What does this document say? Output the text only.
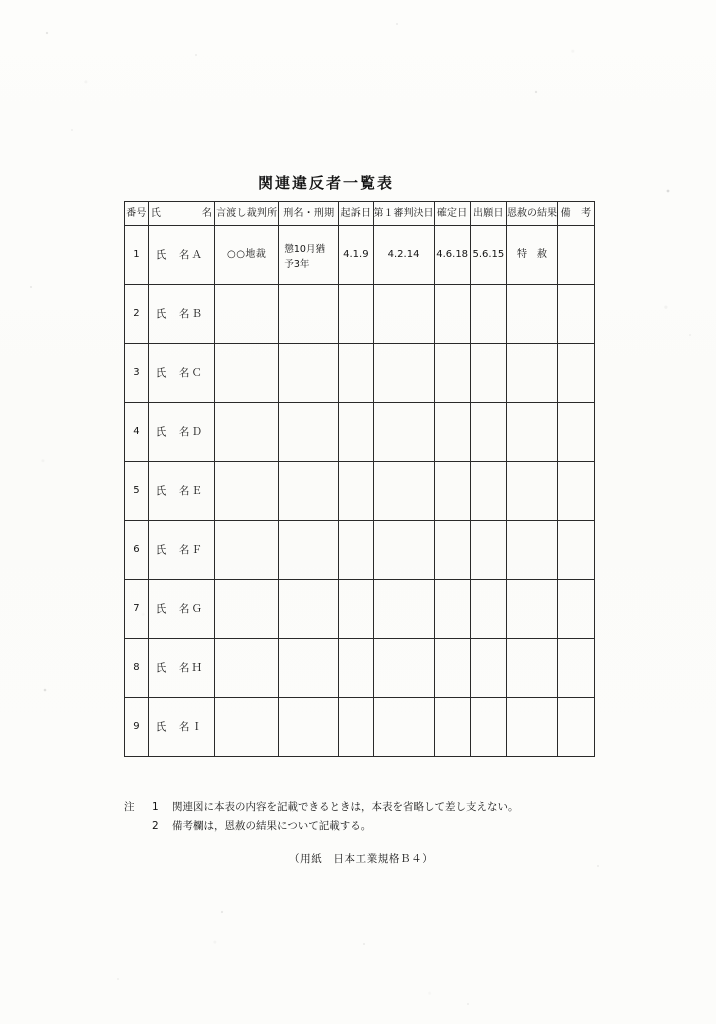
関連違反者一覧表
番号	氏　　　　名	言渡し裁判所	刑名・刑期	起訴日	第１審判決日	確定日	出願日	恩赦の結果	備　考
1	氏　名 Ａ	○○地裁	懲10月猶予3年	4.1.9	4.2.14	4.6.18	5.6.15	特　赦	
2	氏　名 Ｂ								

3	氏　名 Ｃ								

4	氏　名 Ｄ								

5	氏　名 Ｅ								

6	氏　名 Ｆ								

7	氏　名 Ｇ								

8	氏　名 Ｈ								

9	氏　名 Ｉ								

注	1	関連図に本表の内容を記載できるときは，本表を省略して差し支えない。
2	備考欄は，恩赦の結果について記載する。
（用紙　日本工業規格Ｂ４）
